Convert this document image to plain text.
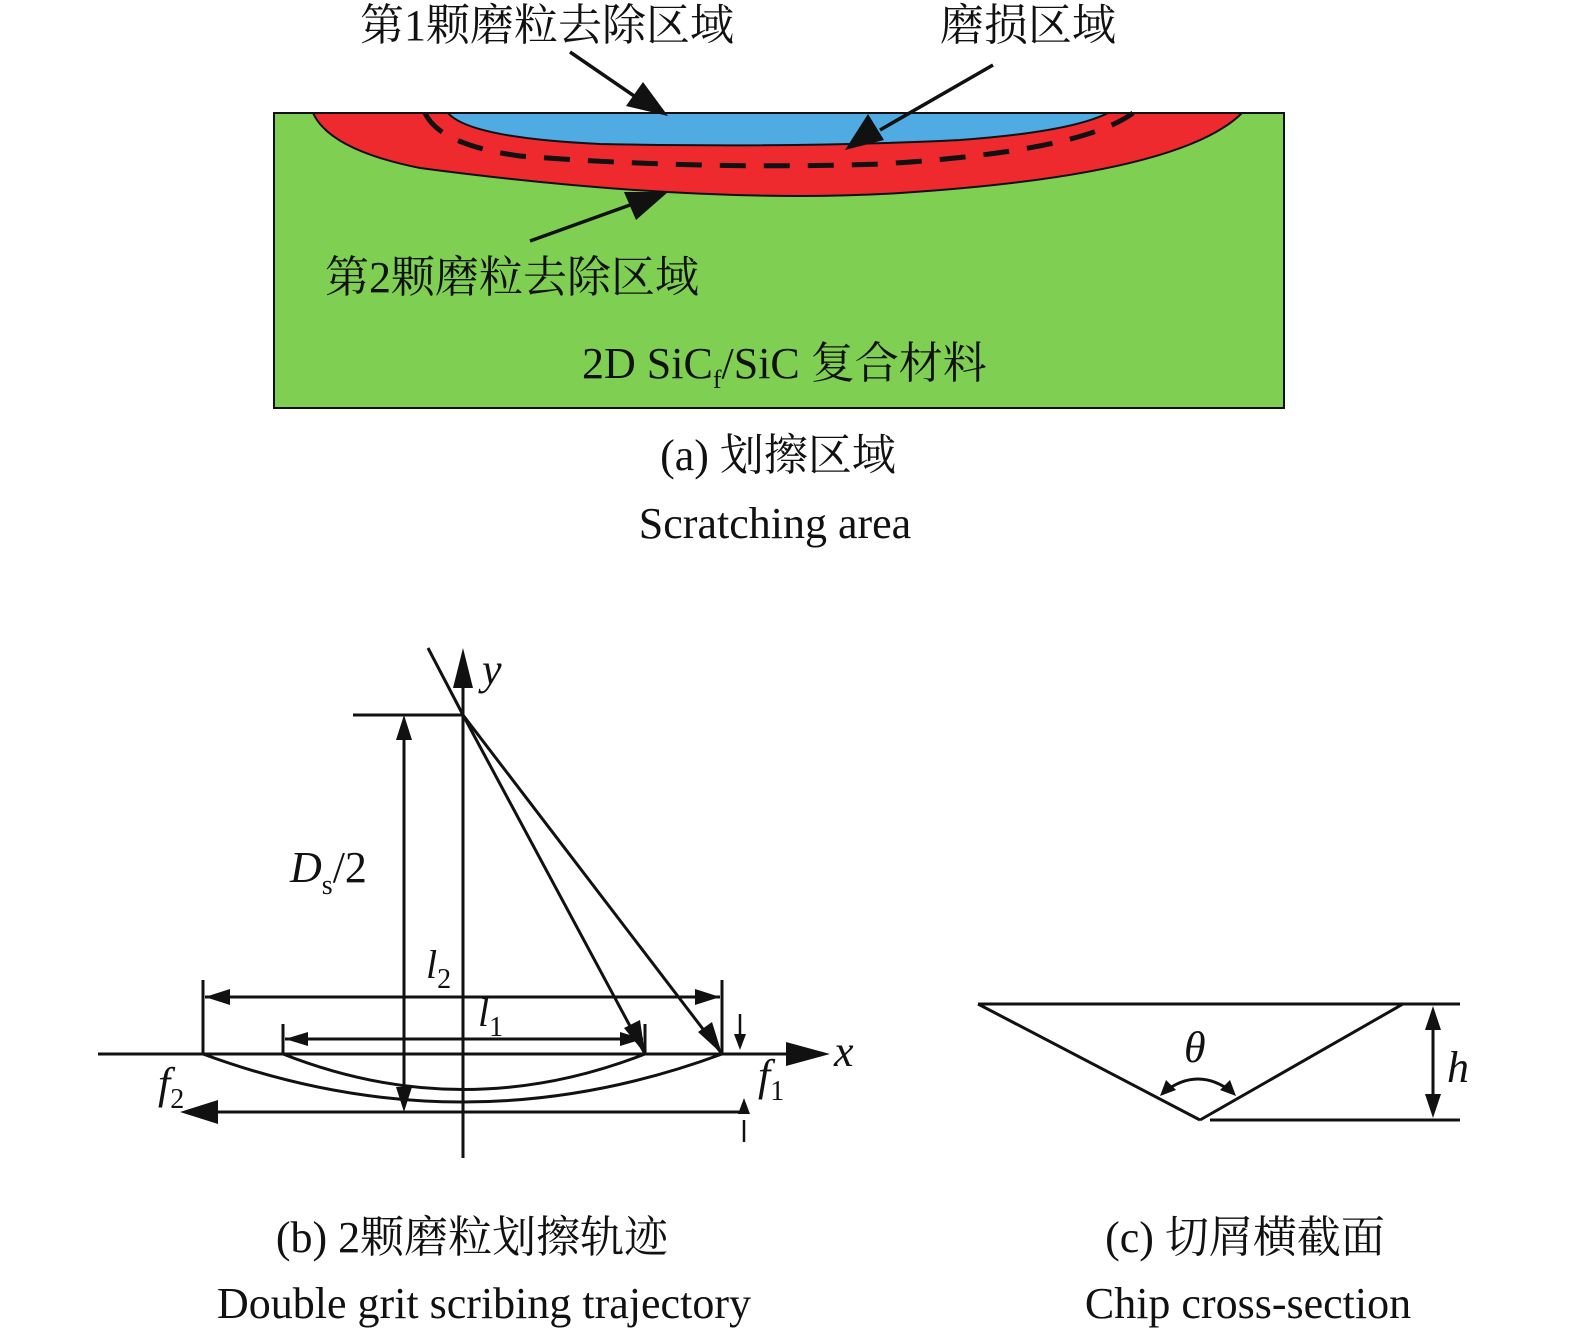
第1颗磨粒去除区域	磨损区域
第2颗磨粒去除区域
2D SiC$_f$/SiC 复合材料
(a) 划擦区域
Scratching area
$D_s/2$
$l_2$
$l_1$
$f_2$	$f_1$
y
x
(b) 2颗磨粒划擦轨迹
Double grit scribing trajectory
h
θ
(c) 切屑横截面
Chip cross-section
